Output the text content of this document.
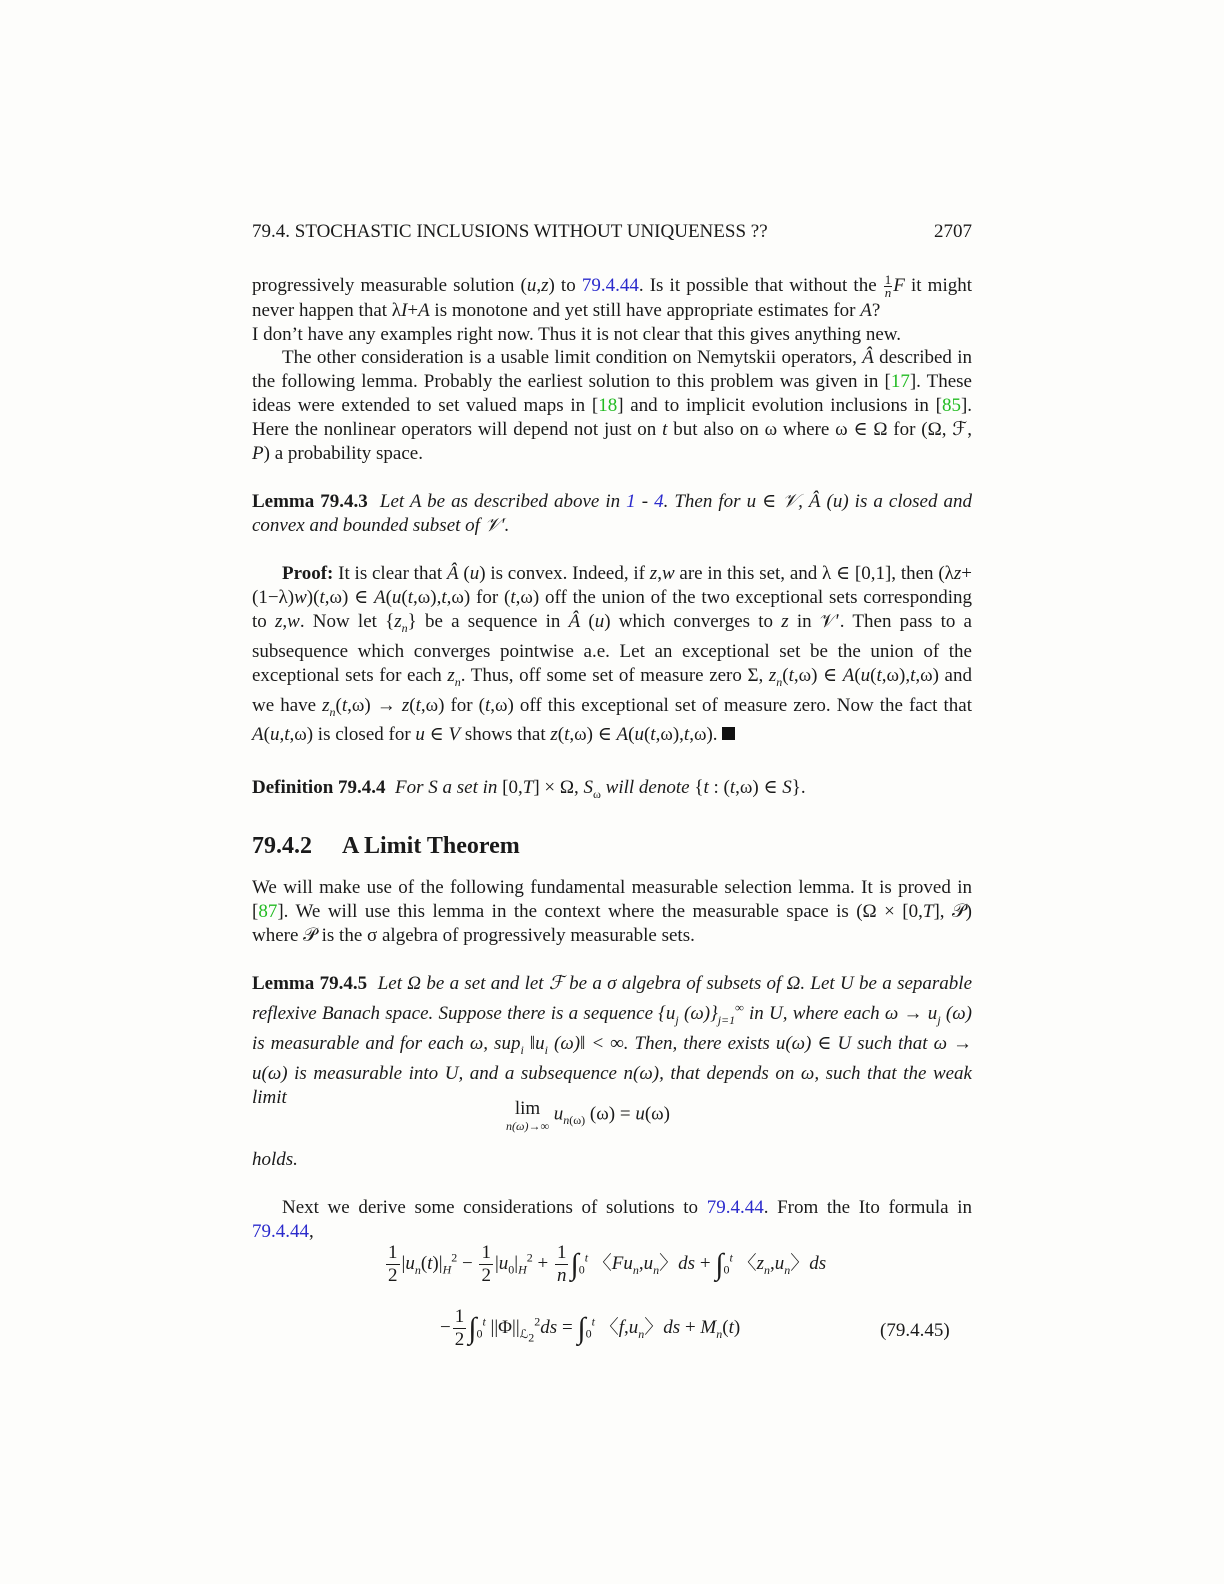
79.4. STOCHASTIC INCLUSIONS WITHOUT UNIQUENESS ??	2707
progressively measurable solution (u,z) to 79.4.44. Is it possible that without the $\frac{1}{n}$ F it might never happen that λI+A is monotone and yet still have appropriate estimates for A?
I don’t have any examples right now. Thus it is not clear that this gives anything new.
The other consideration is a usable limit condition on Nemytskii operators, Â described in the following lemma. Probably the earliest solution to this problem was given in [17]. These ideas were extended to set valued maps in [18] and to implicit evolution inclusions in [85]. Here the nonlinear operators will depend not just on t but also on ω where ω ∈ Ω for (Ω, ℱ, P) a probability space.
Lemma 79.4.3 Let A be as described above in 1 - 4. Then for u ∈ 𝒱, Â (u) is a closed and convex and bounded subset of 𝒱′.
Proof: It is clear that Â (u) is convex. Indeed, if z,w are in this set, and λ ∈ [0,1], then (λz+(1−λ)w)(t,ω) ∈ A(u(t,ω),t,ω) for (t,ω) off the union of the two exceptional sets corresponding to z,w. Now let $\{z_n\}$ be a sequence in Â (u) which converges to z in 𝒱′. Then pass to a subsequence which converges pointwise a.e. Let an exceptional set be the union of the exceptional sets for each $z_n$. Thus, off some set of measure zero Σ, $z_n(t,\omega)$ ∈ A(u(t,ω),t,ω) and we have $z_n(t,\omega) \to z(t,\omega)$ for (t,ω) off this exceptional set of measure zero. Now the fact that A(u,t,ω) is closed for u ∈ V shows that z(t,ω) ∈ A(u(t,ω),t,ω).
Definition 79.4.4 For S a set in [0,T] × Ω, $S_\omega$ will denote {t : (t,ω) ∈ S}.
79.4.2 A Limit Theorem
We will make use of the following fundamental measurable selection lemma. It is proved in [87]. We will use this lemma in the context where the measurable space is (Ω × [0,T], 𝒫) where 𝒫 is the σ algebra of progressively measurable sets.
Lemma 79.4.5 Let Ω be a set and let ℱ be a σ algebra of subsets of Ω. Let U be a separable reflexive Banach space. Suppose there is a sequence {$u_j$ $(\omega)\}_{j=1}^\infty$ in U, where each $\omega \to u_j$ (ω) is measurable and for each ω, sup$_i$ $‖u_i$ (ω)‖ < ∞. Then, there exists u(ω) ∈ U such that ω → u(ω) is measurable into U, and a subsequence n(ω), that depends on ω, such that the weak limit
lim
n(ω)→∞
$u_{n(\omega)}$ (ω) = u(ω)
holds.
Next we derive some considerations of solutions to 79.4.44. From the Ito formula in 79.4.44,
$\frac{1}{2} |u_n(t)|_H^2 - \frac{1}{2} |u_0|_H^2 + \frac{1}{n} \int_0^t$ 〈$Fu_n,u_n$〉ds + $\int_0^t$ 〈$z_n,u_n$〉ds
− $\frac{1}{2} \int_0^t$ $||\Phi||_{ℒ_2}^2ds = \int_0^t$ 〈$f,u_n$〉ds + $M_n(t)$	(79.4.45)
